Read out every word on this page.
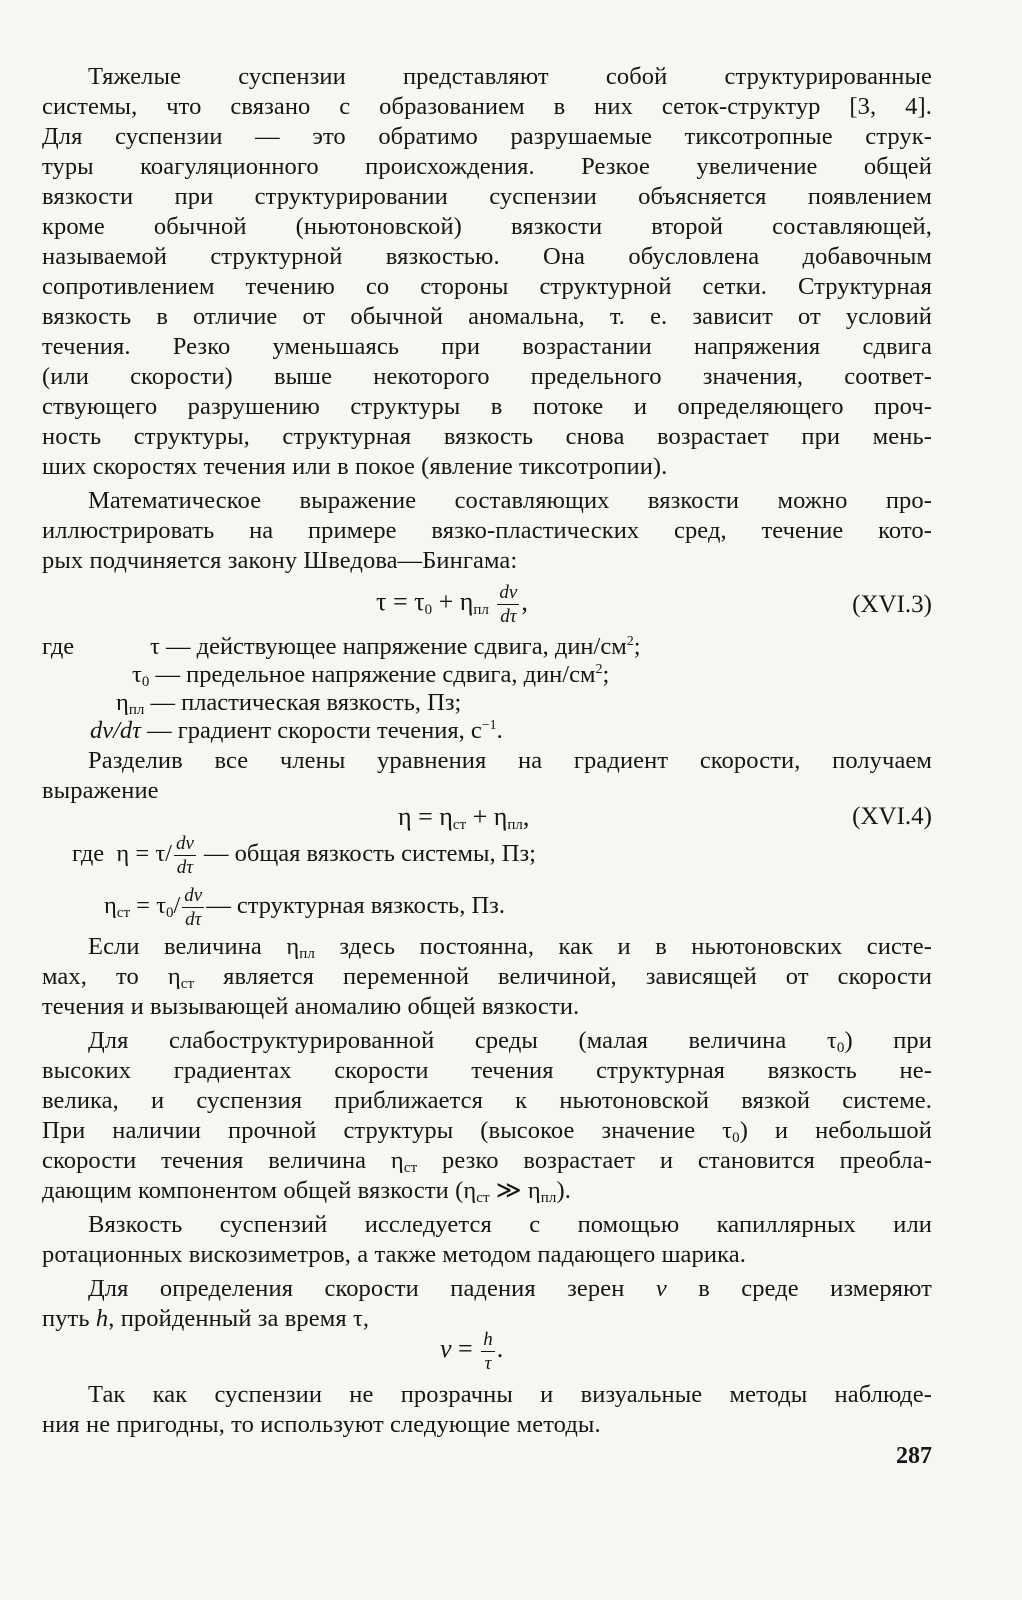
Тяжелые суспензии представляют собой структурированные
системы, что связано с образованием в них сеток-структур [3, 4].
Для суспензии — это обратимо разрушаемые тиксотропные струк-
туры коагуляционного происхождения. Резкое увеличение общей
вязкости при структурировании суспензии объясняется появлением
кроме обычной (ньютоновской) вязкости второй составляющей,
называемой структурной вязкостью. Она обусловлена добавочным
сопротивлением течению со стороны структурной сетки. Структурная
вязкость в отличие от обычной аномальна, т. е. зависит от условий
течения. Резко уменьшаясь при возрастании напряжения сдвига
(или скорости) выше некоторого предельного значения, соответ-
ствующего разрушению структуры в потоке и определяющего проч-
ность структуры, структурная вязкость снова возрастает при мень-
ших скоростях течения или в покое (явление тиксотропии).
Математическое выражение составляющих вязкости можно про-
иллюстрировать на примере вязко-пластических сред, течение кото-
рых подчиняется закону Шведова—Бингама:
$\tau = \tau_0 + \eta_{пл} \frac{dv}{d\tau}$ ,	(XVI.3)
где	τ — действующее напряжение сдвига, дин/$см^2$;
$\tau_0$ — предельное напряжение сдвига, дин/$см^2$;
$\eta_{пл}$ — пластическая вязкость, Пз;
dv/dτ — градиент скорости течения, $с^{-1}$.
Разделив все члены уравнения на градиент скорости, получаем
выражение
$\eta = \eta_{ст} + \eta_{пл}$,	(XVI.4)
где $\eta = \tau/ \frac{dv}{d\tau}$ — общая вязкость системы, Пз;
$\eta_{ст} = \tau_0/ \frac{dv}{d\tau}$ — структурная вязкость, Пз.
Если величина $\eta_{пл}$ здесь постоянна, как и в ньютоновских систе-
мах, то $\eta_{ст}$ является переменной величиной, зависящей от скорости
течения и вызывающей аномалию общей вязкости.
Для слабоструктурированной среды (малая величина $\tau_0$) при
высоких градиентах скорости течения структурная вязкость не-
велика, и суспензия приближается к ньютоновской вязкой системе.
При наличии прочной структуры (высокое значение $\tau_0$) и небольшой
скорости течения величина $\eta_{ст}$ резко возрастает и становится преобла-
дающим компонентом общей вязкости ($\eta_{ст}$ ≫ $\eta_{пл}$).
Вязкость суспензий исследуется с помощью капиллярных или
ротационных вискозиметров, а также методом падающего шарика.
Для определения скорости падения зерен v в среде измеряют
путь h, пройденный за время τ,
$v = \frac{h}{\tau}$ .
Так как суспензии не прозрачны и визуальные методы наблюде-
ния не пригодны, то используют следующие методы.
287
